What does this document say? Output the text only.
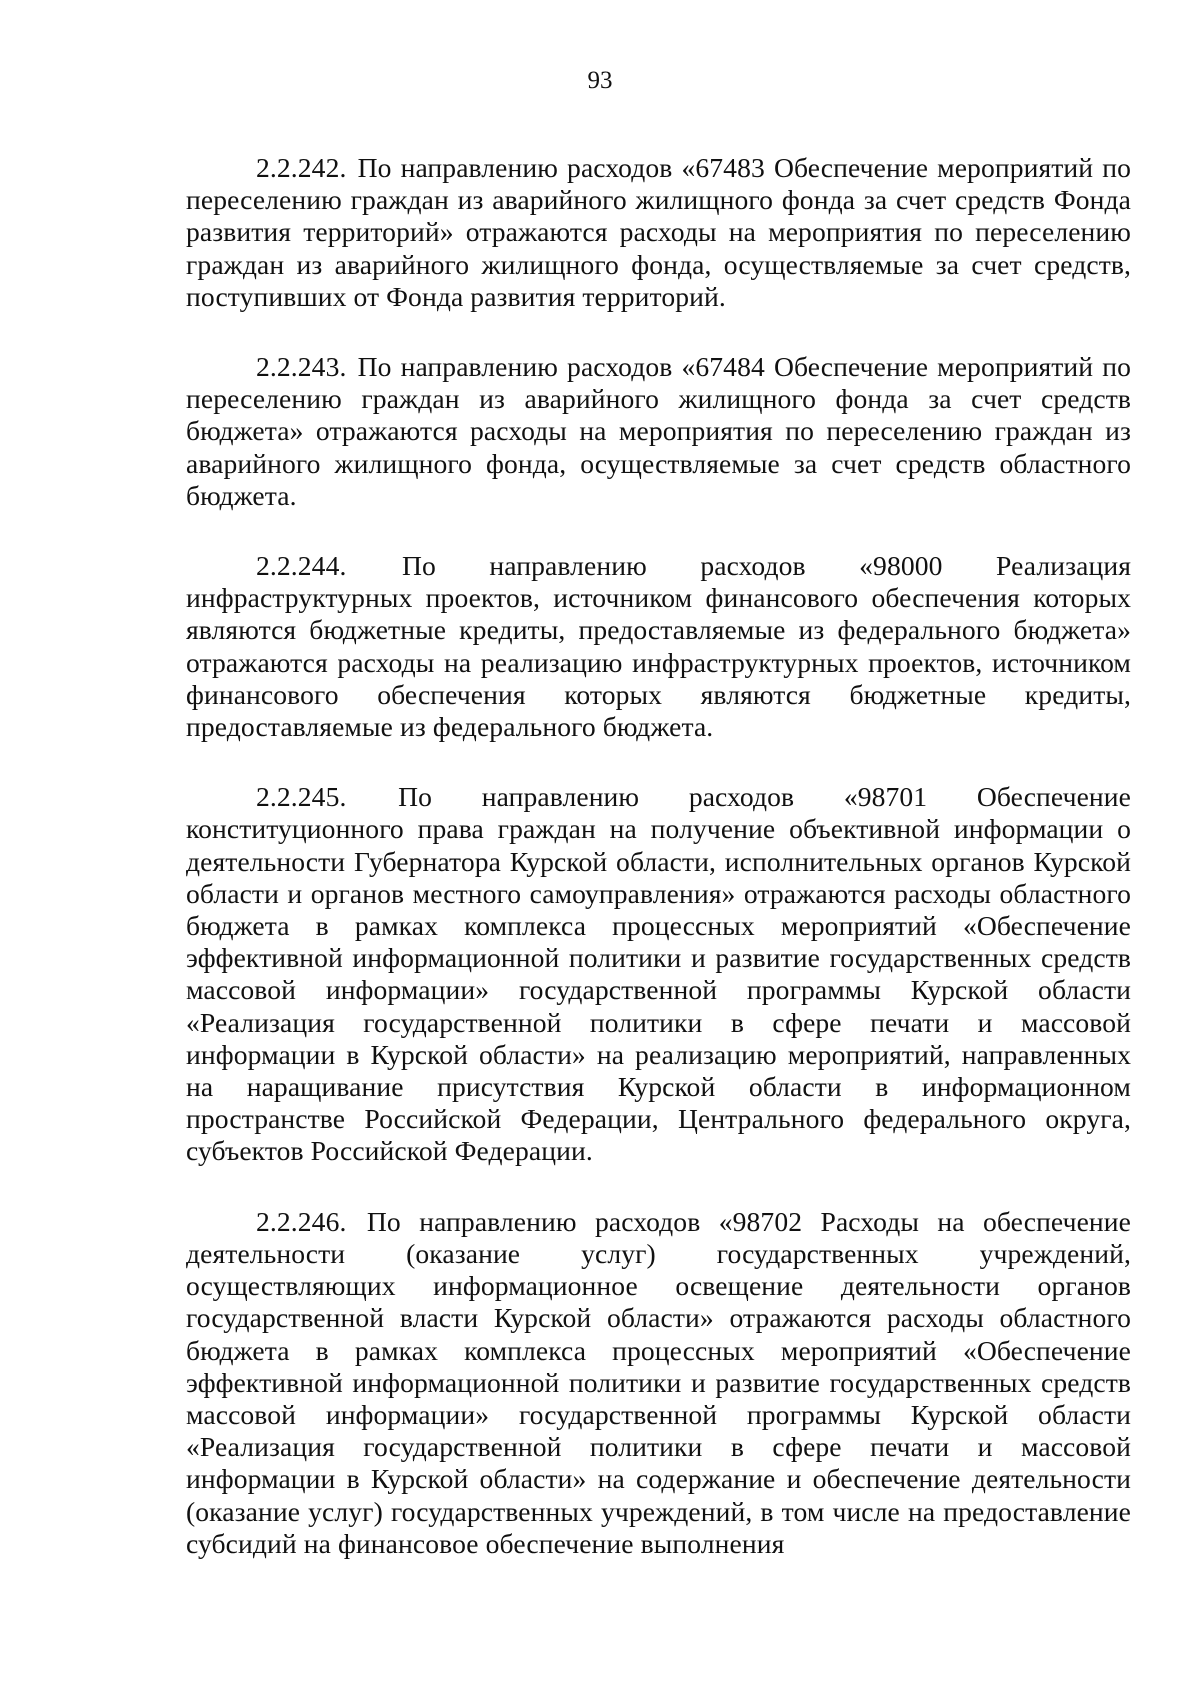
93

2.2.242. По направлению расходов «67483 Обеспечение мероприятий по переселению граждан из аварийного жилищного фонда за счет средств Фонда развития территорий» отражаются расходы на мероприятия по переселению граждан из аварийного жилищного фонда, осуществляемые за счет средств, поступивших от Фонда развития территорий.

2.2.243. По направлению расходов «67484 Обеспечение мероприятий по переселению граждан из аварийного жилищного фонда за счет средств бюджета» отражаются расходы на мероприятия по переселению граждан из аварийного жилищного фонда, осуществляемые за счет средств областного бюджета.

2.2.244. По направлению расходов «98000 Реализация инфраструктурных проектов, источником финансового обеспечения которых являются бюджетные кредиты, предоставляемые из федерального бюджета» отражаются расходы на реализацию инфраструктурных проектов, источником финансового обеспечения которых являются бюджетные кредиты, предоставляемые из федерального бюджета.

2.2.245. По направлению расходов «98701 Обеспечение конституционного права граждан на получение объективной информации о деятельности Губернатора Курской области, исполнительных органов Курской области и органов местного самоуправления» отражаются расходы областного бюджета в рамках комплекса процессных мероприятий «Обеспечение эффективной информационной политики и развитие государственных средств массовой информации» государственной программы Курской области «Реализация государственной политики в сфере печати и массовой информации в Курской области» на реализацию мероприятий, направленных на наращивание присутствия Курской области в информационном пространстве Российской Федерации, Центрального федерального округа, субъектов Российской Федерации.

2.2.246. По направлению расходов «98702 Расходы на обеспечение деятельности (оказание услуг) государственных учреждений, осуществляющих информационное освещение деятельности органов государственной власти Курской области» отражаются расходы областного бюджета в рамках комплекса процессных мероприятий «Обеспечение эффективной информационной политики и развитие государственных средств массовой информации» государственной программы Курской области «Реализация государственной политики в сфере печати и массовой информации в Курской области» на содержание и обеспечение деятельности (оказание услуг) государственных учреждений, в том числе на предоставление субсидий на финансовое обеспечение выполнения
